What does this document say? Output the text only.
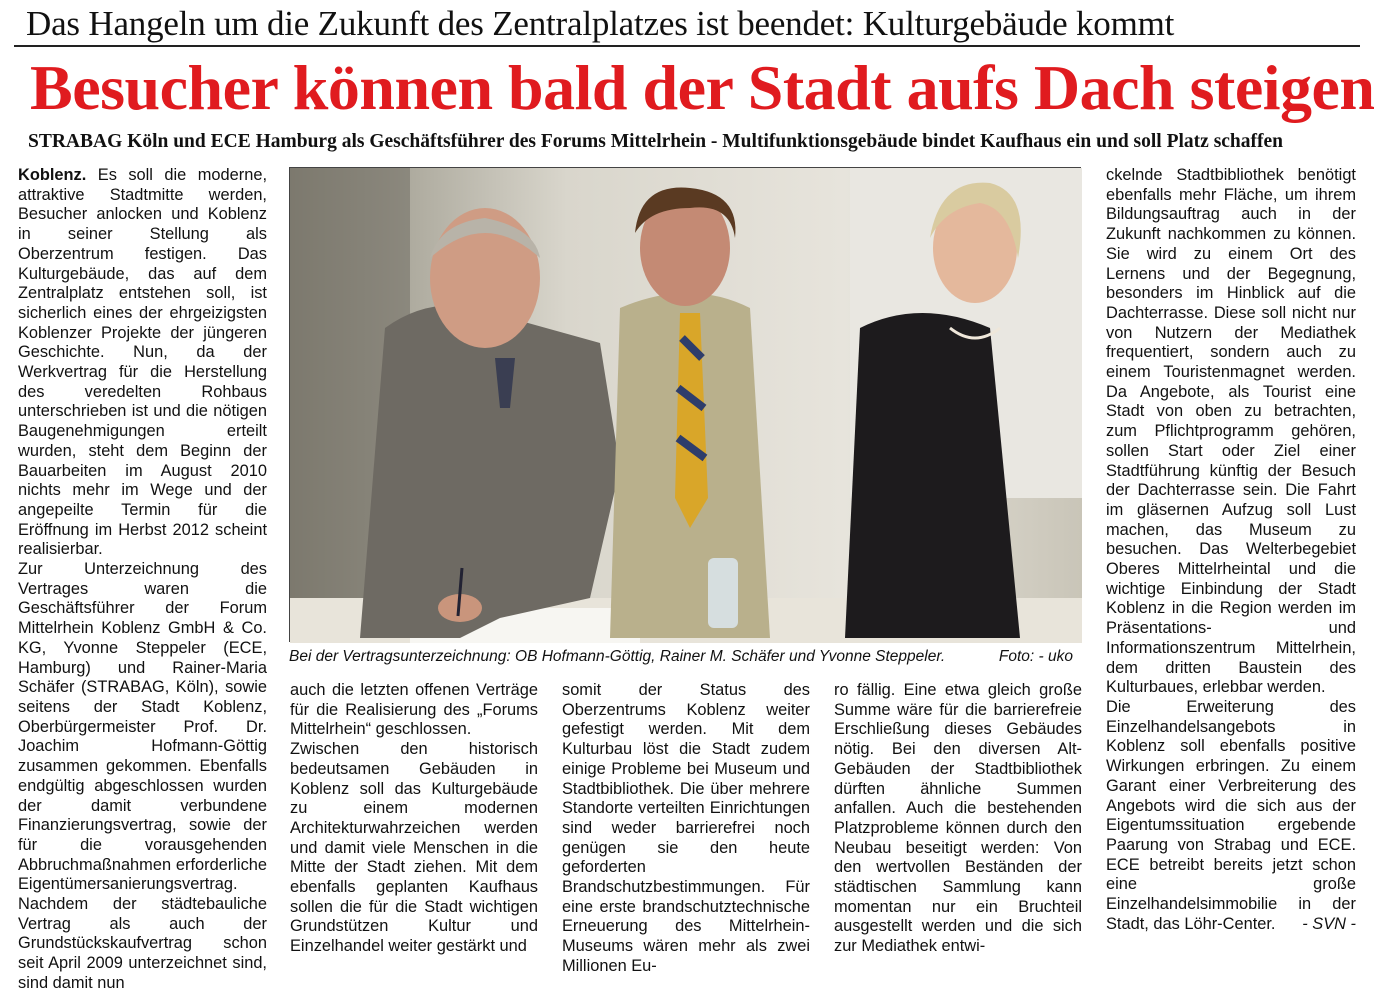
Das Hangeln um die Zukunft des Zentralplatzes ist beendet: Kulturgebäude kommt
Besucher können bald der Stadt aufs Dach steigen
STRABAG Köln und ECE Hamburg als Geschäftsführer des Forums Mittelrhein - Multifunktionsgebäude bindet Kaufhaus ein und soll Platz schaffen

Koblenz. Es soll die moderne, attraktive Stadtmitte werden, Besucher anlocken und Koblenz in seiner Stellung als Oberzentrum festigen. Das Kulturgebäude, das auf dem Zentralplatz entstehen soll, ist sicherlich eines der ehrgeizigsten Koblenzer Projekte der jüngeren Geschichte. Nun, da der Werkvertrag für die Herstellung des veredelten Rohbaus unterschrieben ist und die nötigen Baugenehmigungen erteilt wurden, steht dem Beginn der Bauarbeiten im August 2010 nichts mehr im Wege und der angepeilte Termin für die Eröffnung im Herbst 2012 scheint realisierbar.

Zur Unterzeichnung des Vertrages waren die Geschäftsführer der Forum Mittelrhein Koblenz GmbH & Co. KG, Yvonne Steppeler (ECE, Hamburg) und Rainer-Maria Schäfer (STRABAG, Köln), sowie seitens der Stadt Koblenz, Oberbürgermeister Prof. Dr. Joachim Hofmann-Göttig zusammen gekommen. Ebenfalls endgültig abgeschlossen wurden der damit verbundene Finanzierungsvertrag, sowie der für die vorausgehenden Abbruchmaßnahmen erforderliche Eigentümersanierungsvertrag.

Nachdem der städtebauliche Vertrag als auch der Grundstückskaufvertrag schon seit April 2009 unterzeichnet sind, sind damit nun

Bei der Vertragsunterzeichnung: OB Hofmann-Göttig, Rainer M. Schäfer und Yvonne Steppeler.	Foto: - uko

auch die letzten offenen Verträge für die Realisierung des „Forums Mittelrhein“ geschlossen.

Zwischen den historisch bedeutsamen Gebäuden in Koblenz soll das Kulturgebäude zu einem modernen Architekturwahrzeichen werden und damit viele Menschen in die Mitte der Stadt ziehen. Mit dem ebenfalls geplanten Kaufhaus sollen die für die Stadt wichtigen Grundstützen Kultur und Einzelhandel weiter gestärkt und

somit der Status des Oberzentrums Koblenz weiter gefestigt werden. Mit dem Kulturbau löst die Stadt zudem einige Probleme bei Museum und Stadtbibliothek. Die über mehrere Standorte verteilten Einrichtungen sind weder barrierefrei noch genügen sie den heute geforderten Brandschutzbestimmungen. Für eine erste brandschutztechnische Erneuerung des Mittelrhein-Museums wären mehr als zwei Millionen Eu-

ro fällig. Eine etwa gleich große Summe wäre für die barrierefreie Erschließung dieses Gebäudes nötig. Bei den diversen Alt-Gebäuden der Stadtbibliothek dürften ähnliche Summen anfallen. Auch die bestehenden Platzprobleme können durch den Neubau beseitigt werden: Von den wertvollen Beständen der städtischen Sammlung kann momentan nur ein Bruchteil ausgestellt werden und die sich zur Mediathek entwi-

ckelnde Stadtbibliothek benötigt ebenfalls mehr Fläche, um ihrem Bildungsauftrag auch in der Zukunft nachkommen zu können. Sie wird zu einem Ort des Lernens und der Begegnung, besonders im Hinblick auf die Dachterrasse. Diese soll nicht nur von Nutzern der Mediathek frequentiert, sondern auch zu einem Touristenmagnet werden. Da Angebote, als Tourist eine Stadt von oben zu betrachten, zum Pflichtprogramm gehören, sollen Start oder Ziel einer Stadtführung künftig der Besuch der Dachterrasse sein. Die Fahrt im gläsernen Aufzug soll Lust machen, das Museum zu besuchen. Das Welterbegebiet Oberes Mittelrheintal und die wichtige Einbindung der Stadt Koblenz in die Region werden im Präsentations- und Informationszentrum Mittelrhein, dem dritten Baustein des Kulturbaues, erlebbar werden.

Die Erweiterung des Einzelhandelsangebots in Koblenz soll ebenfalls positive Wirkungen erbringen. Zu einem Garant einer Verbreiterung des Angebots wird die sich aus der Eigentumssituation ergebende Paarung von Strabag und ECE. ECE betreibt bereits jetzt schon eine große Einzelhandelsimmobilie in der Stadt, das Löhr-Center. - SVN -
